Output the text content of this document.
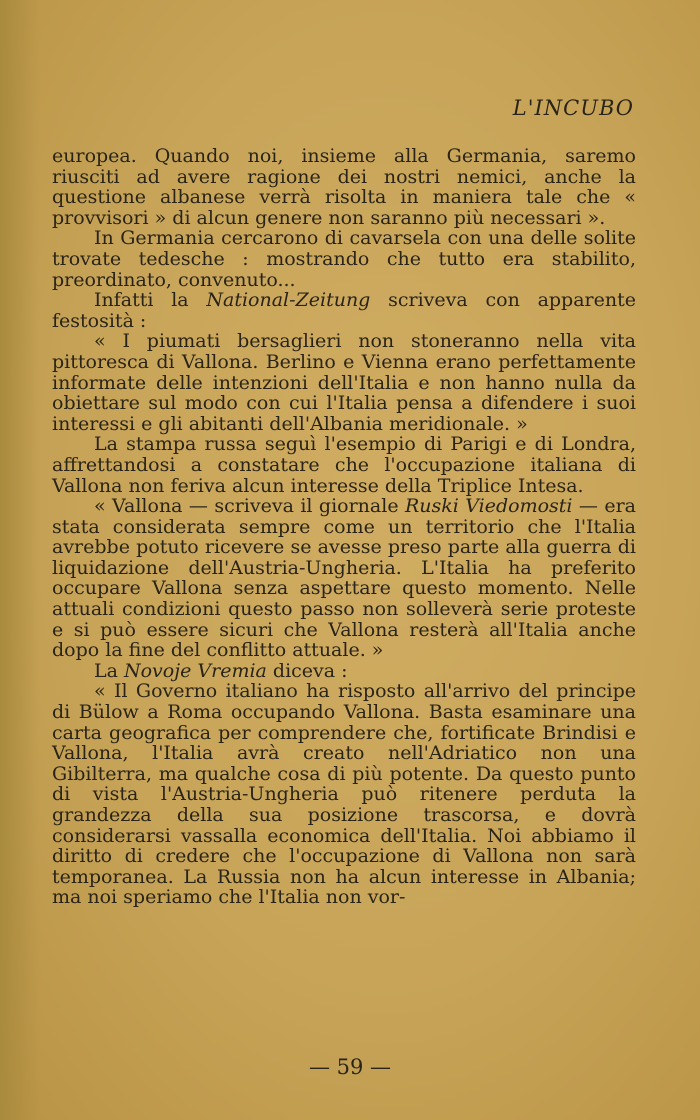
L'INCUBO

europea. Quando noi, insieme alla Germania, saremo riusciti ad avere ragione dei nostri nemici, anche la questione albanese verrà risolta in maniera tale che « provvisori » di alcun genere non saranno più necessari ».

In Germania cercarono di cavarsela con una delle solite trovate tedesche : mostrando che tutto era stabilito, preordinato, convenuto...

Infatti la National-Zeitung scriveva con apparente festosità :

« I piumati bersaglieri non stoneranno nella vita pittoresca di Vallona. Berlino e Vienna erano perfettamente informate delle intenzioni dell'Italia e non hanno nulla da obiettare sul modo con cui l'Italia pensa a difendere i suoi interessi e gli abitanti dell'Albania meridionale. »

La stampa russa seguì l'esempio di Parigi e di Londra, affrettandosi a constatare che l'occupazione italiana di Vallona non feriva alcun interesse della Triplice Intesa.

« Vallona — scriveva il giornale Ruski Viedomosti — era stata considerata sempre come un territorio che l'Italia avrebbe potuto ricevere se avesse preso parte alla guerra di liquidazione dell'Austria-Ungheria. L'Italia ha preferito occupare Vallona senza aspettare questo momento. Nelle attuali condizioni questo passo non solleverà serie proteste e si può essere sicuri che Vallona resterà all'Italia anche dopo la fine del conflitto attuale. »

La Novoje Vremia diceva :

« Il Governo italiano ha risposto all'arrivo del principe di Bülow a Roma occupando Vallona. Basta esaminare una carta geografica per comprendere che, fortificate Brindisi e Vallona, l'Italia avrà creato nell'Adriatico non una Gibilterra, ma qualche cosa di più potente. Da questo punto di vista l'Austria-Ungheria può ritenere perduta la grandezza della sua posizione trascorsa, e dovrà considerarsi vassalla economica dell'Italia. Noi abbiamo il diritto di credere che l'occupazione di Vallona non sarà temporanea. La Russia non ha alcun interesse in Albania; ma noi speriamo che l'Italia non vor-

— 59 —
